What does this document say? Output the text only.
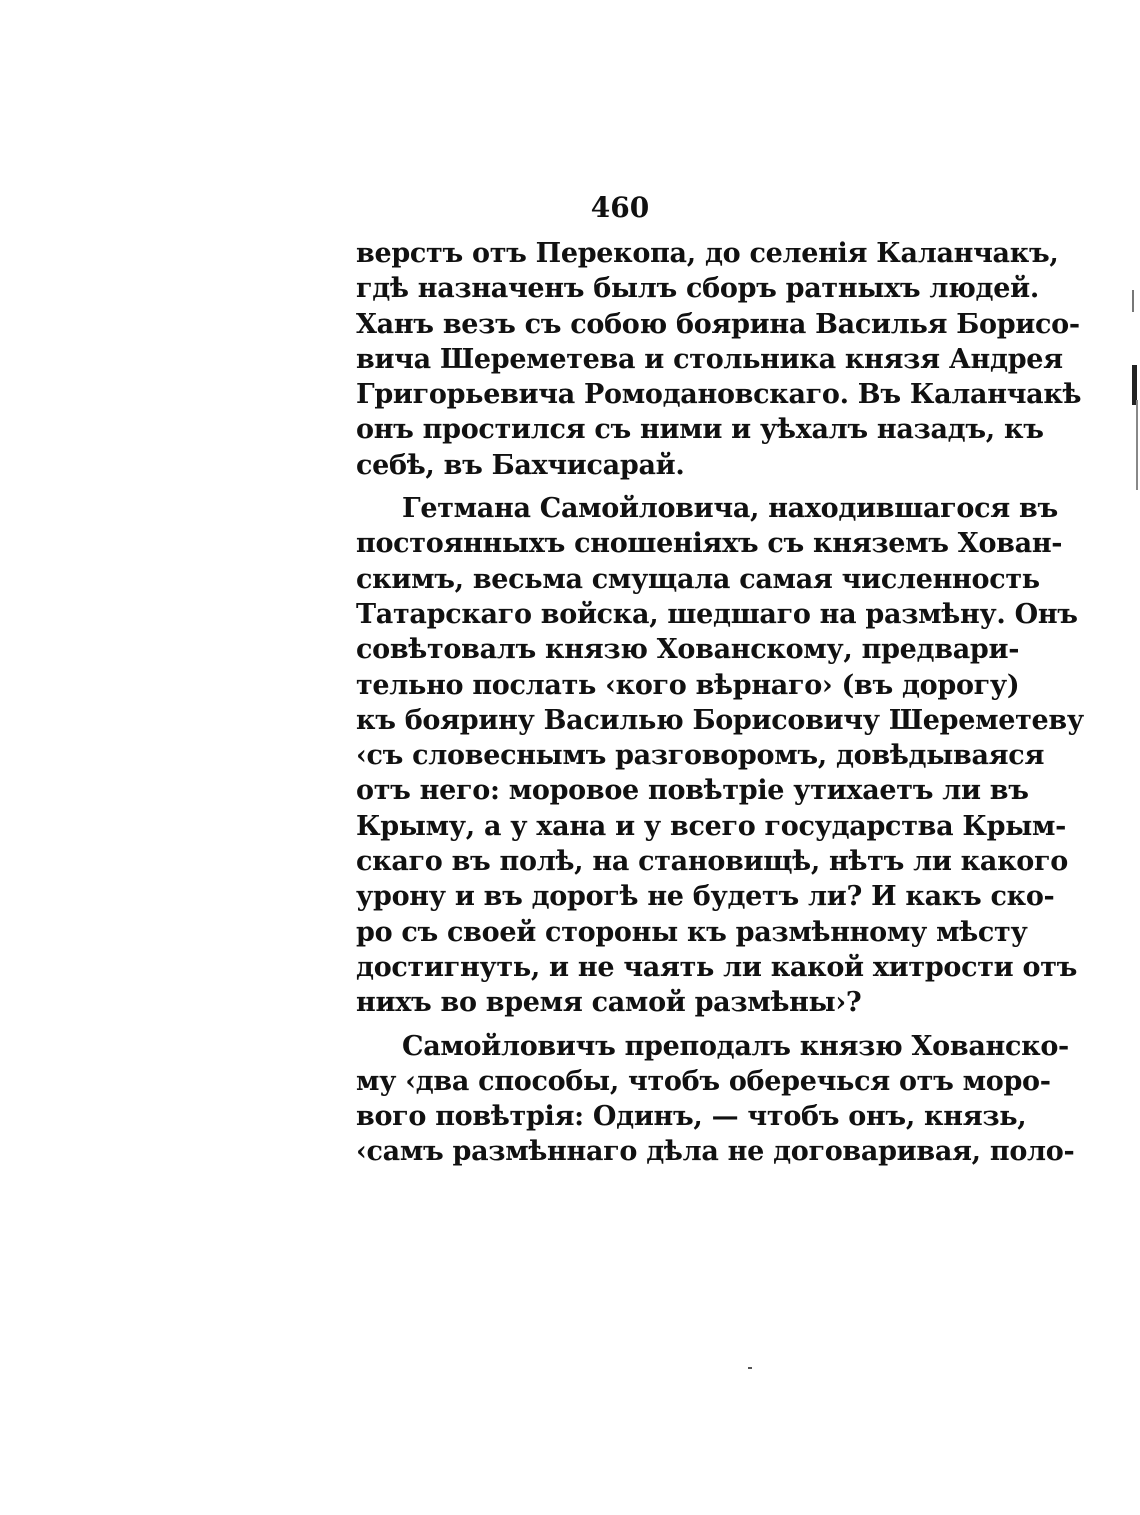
460
верстъ отъ Перекопа, до селенія Каланчакъ,
гдѣ назначенъ былъ сборъ ратныхъ людей.
Ханъ везъ съ собою боярина Василья Борисо-
вича Шереметева и стольника князя Андрея
Григорьевича Ромодановскаго. Въ Каланчакѣ
онъ простился съ ними и уѣхалъ назадъ, къ
себѣ, въ Бахчисарай.
Гетмана Самойловича, находившагося въ
постоянныхъ сношеніяхъ съ княземъ Хован-
скимъ, весьма смущала самая численность
Татарскаго войска, шедшаго на размѣну. Онъ
совѣтовалъ князю Хованскому, предвари-
тельно послать ‹кого вѣрнаго› (въ дорогу)
къ боярину Василью Борисовичу Шереметеву
‹съ словеснымъ разговоромъ, довѣдываяся
отъ него: моровое повѣтріе утихаетъ ли въ
Крыму, а у хана и у всего государства Крым-
скаго въ полѣ, на становищѣ, нѣтъ ли какого
урону и въ дорогѣ не будетъ ли? И какъ ско-
ро съ своей стороны къ размѣнному мѣсту
достигнуть, и не чаять ли какой хитрости отъ
нихъ во время самой размѣны›?
Самойловичъ преподалъ князю Хованско-
му ‹два способы, чтобъ оберечься отъ моро-
вого повѣтрія: Одинъ, — чтобъ онъ, князь,
‹самъ размѣннаго дѣла не договаривая, поло-
